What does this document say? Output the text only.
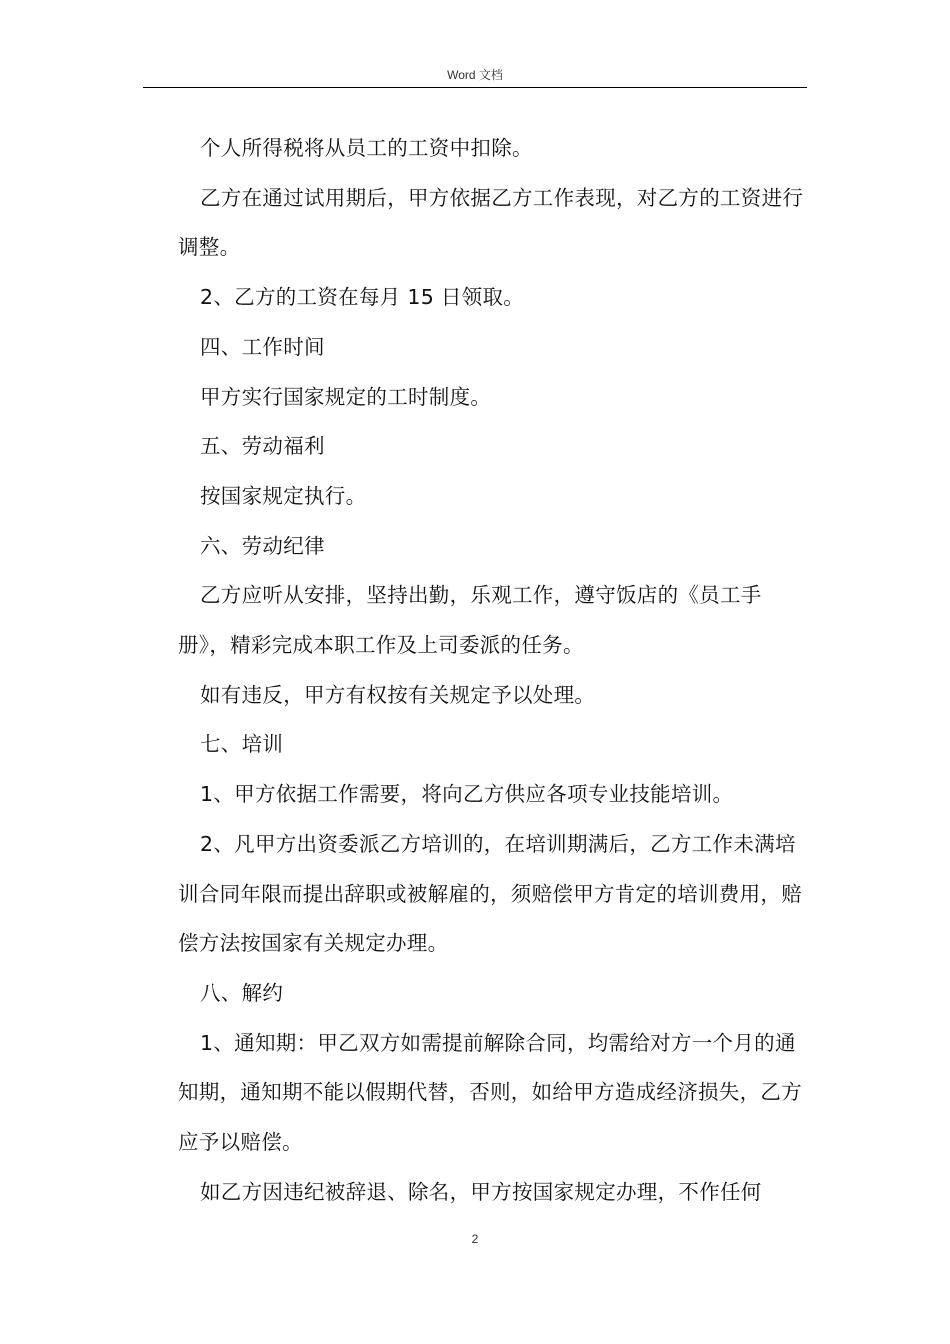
Word 文档

个人所得税将从员工的工资中扣除。

乙方在通过试用期后，甲方依据乙方工作表现，对乙方的工资进行调整。

2、乙方的工资在每月 15 日领取。

四、工作时间

甲方实行国家规定的工时制度。

五、劳动福利

按国家规定执行。

六、劳动纪律

乙方应听从安排，坚持出勤，乐观工作，遵守饭店的《员工手册》，精彩完成本职工作及上司委派的任务。

如有违反，甲方有权按有关规定予以处理。

七、培训

1、甲方依据工作需要，将向乙方供应各项专业技能培训。

2、凡甲方出资委派乙方培训的，在培训期满后，乙方工作未满培训合同年限而提出辞职或被解雇的，须赔偿甲方肯定的培训费用，赔偿方法按国家有关规定办理。

八、解约

1、通知期：甲乙双方如需提前解除合同，均需给对方一个月的通知期，通知期不能以假期代替，否则，如给甲方造成经济损失，乙方应予以赔偿。

如乙方因违纪被辞退、除名，甲方按国家规定办理，不作任何

2
